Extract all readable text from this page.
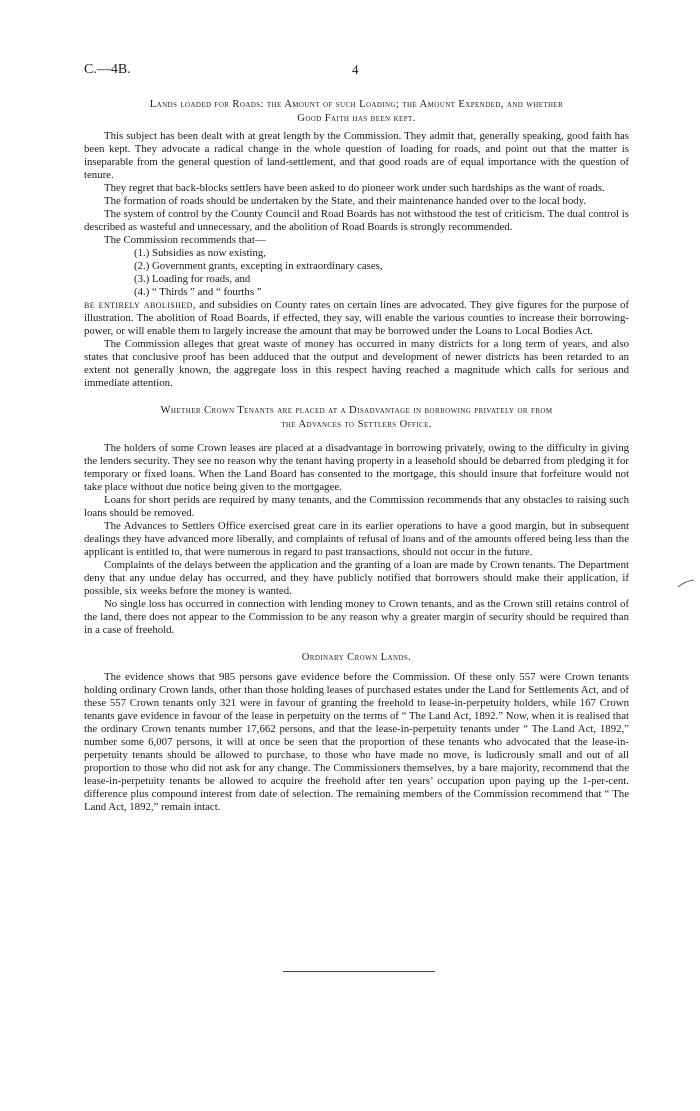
C.—4B.	4
Lands loaded for Roads: the Amount of such Loading; the Amount Expended, and whether
Good Faith has been kept.

This subject has been dealt with at great length by the Commission. They admit that, generally speaking, good faith has been kept. They advocate a radical change in the whole question of loading for roads, and point out that the matter is inseparable from the general question of land-settlement, and that good roads are of equal importance with the question of tenure.

They regret that back-blocks settlers have been asked to do pioneer work under such hardships as the want of roads.

The formation of roads should be undertaken by the State, and their maintenance handed over to the local body.

The system of control by the County Council and Road Boards has not withstood the test of criticism. The dual control is described as wasteful and unnecessary, and the abolition of Road Boards is strongly recommended.

The Commission recommends that—

(1.) Subsidies as now existing,
(2.) Government grants, excepting in extraordinary cases,
(3.) Loading for roads, and
(4.) “ Thirds ” and “ fourths ”

be entirely abolished, and subsidies on County rates on certain lines are advocated. They give figures for the purpose of illustration. The abolition of Road Boards, if effected, they say, will enable the various counties to increase their borrowing-power, or will enable them to largely increase the amount that may be borrowed under the Loans to Local Bodies Act.

The Commission alleges that great waste of money has occurred in many districts for a long term of years, and also states that conclusive proof has been adduced that the output and development of newer districts has been retarded to an extent not generally known, the aggregate loss in this respect having reached a magnitude which calls for serious and immediate attention.

Whether Crown Tenants are placed at a Disadvantage in borrowing privately or from
the Advances to Settlers Office.

The holders of some Crown leases are placed at a disadvantage in borrowing privately, owing to the difficulty in giving the lenders security. They see no reason why the tenant having property in a leasehold should be debarred from pledging it for temporary or fixed loans. When the Land Board has consented to the mortgage, this should insure that forfeiture would not take place without due notice being given to the mortgagee.

Loans for short perids are required by many tenants, and the Commission recommends that any obstacles to raising such loans should be removed.

The Advances to Settlers Office exercised great care in its earlier operations to have a good margin, but in subsequent dealings they have advanced more liberally, and complaints of refusal of loans and of the amounts offered being less than the applicant is entitled to, that were numerous in regard to past transactions, should not occur in the future.

Complaints of the delays between the application and the granting of a loan are made by Crown tenants. The Department deny that any undue delay has occurred, and they have publicly notified that borrowers should make their application, if possible, six weeks before the money is wanted.

No single loss has occurred in connection with lending money to Crown tenants, and as the Crown still retains control of the land, there does not appear to the Commission to be any reason why a greater margin of security should be required than in a case of freehold.

Ordinary Crown Lands.

The evidence shows that 985 persons gave evidence before the Commission. Of these only 557 were Crown tenants holding ordinary Crown lands, other than those holding leases of purchased estates under the Land for Settlements Act, and of these 557 Crown tenants only 321 were in favour of granting the freehold to lease-in-perpetuity holders, while 167 Crown tenants gave evidence in favour of the lease in perpetuity on the terms of “ The Land Act, 1892.” Now, when it is realised that the ordinary Crown tenants number 17,662 persons, and that the lease-in-perpetuity tenants under “ The Land Act, 1892,” number some 6,007 persons, it will at once be seen that the proportion of these tenants who advocated that the lease-in-perpetuity tenants should be allowed to purchase, to those who have made no move, is ludicrously small and out of all proportion to those who did not ask for any change. The Commissioners themselves, by a bare majority, recommend that the lease-in-perpetuity tenants be allowed to acquire the freehold after ten years’ occupation upon paying up the 1-per-cent. difference plus compound interest from date of selection. The remaining members of the Commission recommend that “ The Land Act, 1892,” remain intact.
